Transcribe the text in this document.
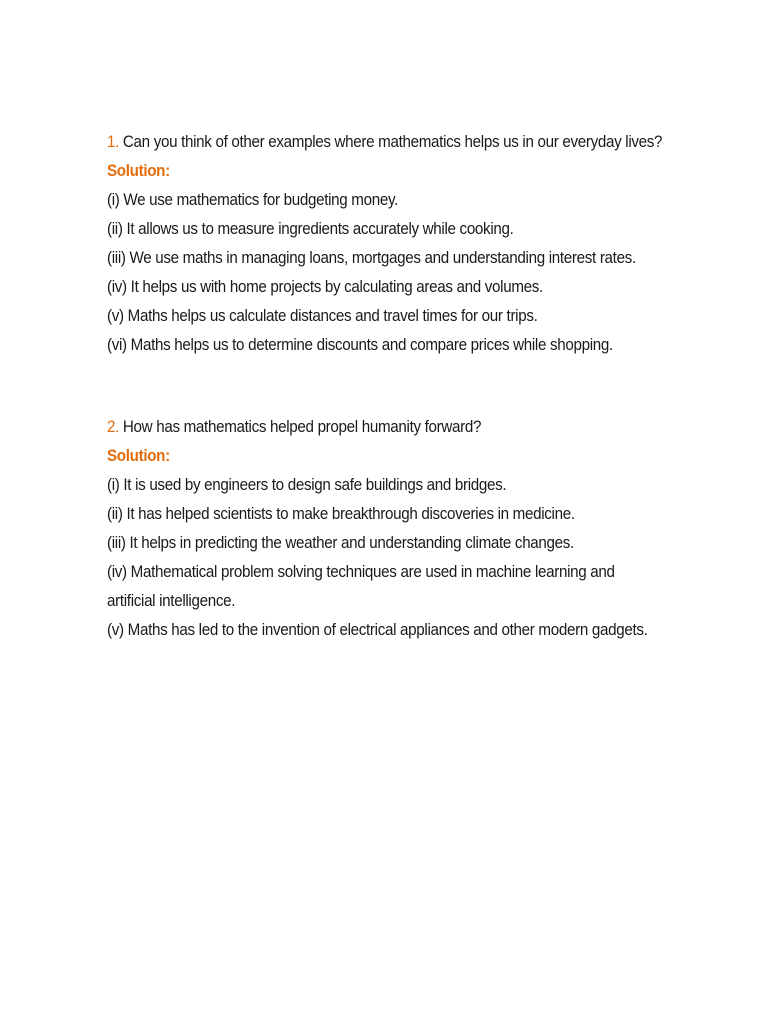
1. Can you think of other examples where mathematics helps us in our everyday lives?

Solution:

(i) We use mathematics for budgeting money.
(ii) It allows us to measure ingredients accurately while cooking.
(iii) We use maths in managing loans, mortgages and understanding interest rates.
(iv) It helps us with home projects by calculating areas and volumes.
(v) Maths helps us calculate distances and travel times for our trips.
(vi) Maths helps us to determine discounts and compare prices while shopping.

2. How has mathematics helped propel humanity forward?

Solution:

(i) It is used by engineers to design safe buildings and bridges.
(ii) It has helped scientists to make breakthrough discoveries in medicine.
(iii) It helps in predicting the weather and understanding climate changes.
(iv) Mathematical problem solving techniques are used in machine learning and artificial intelligence.
(v) Maths has led to the invention of electrical appliances and other modern gadgets.
